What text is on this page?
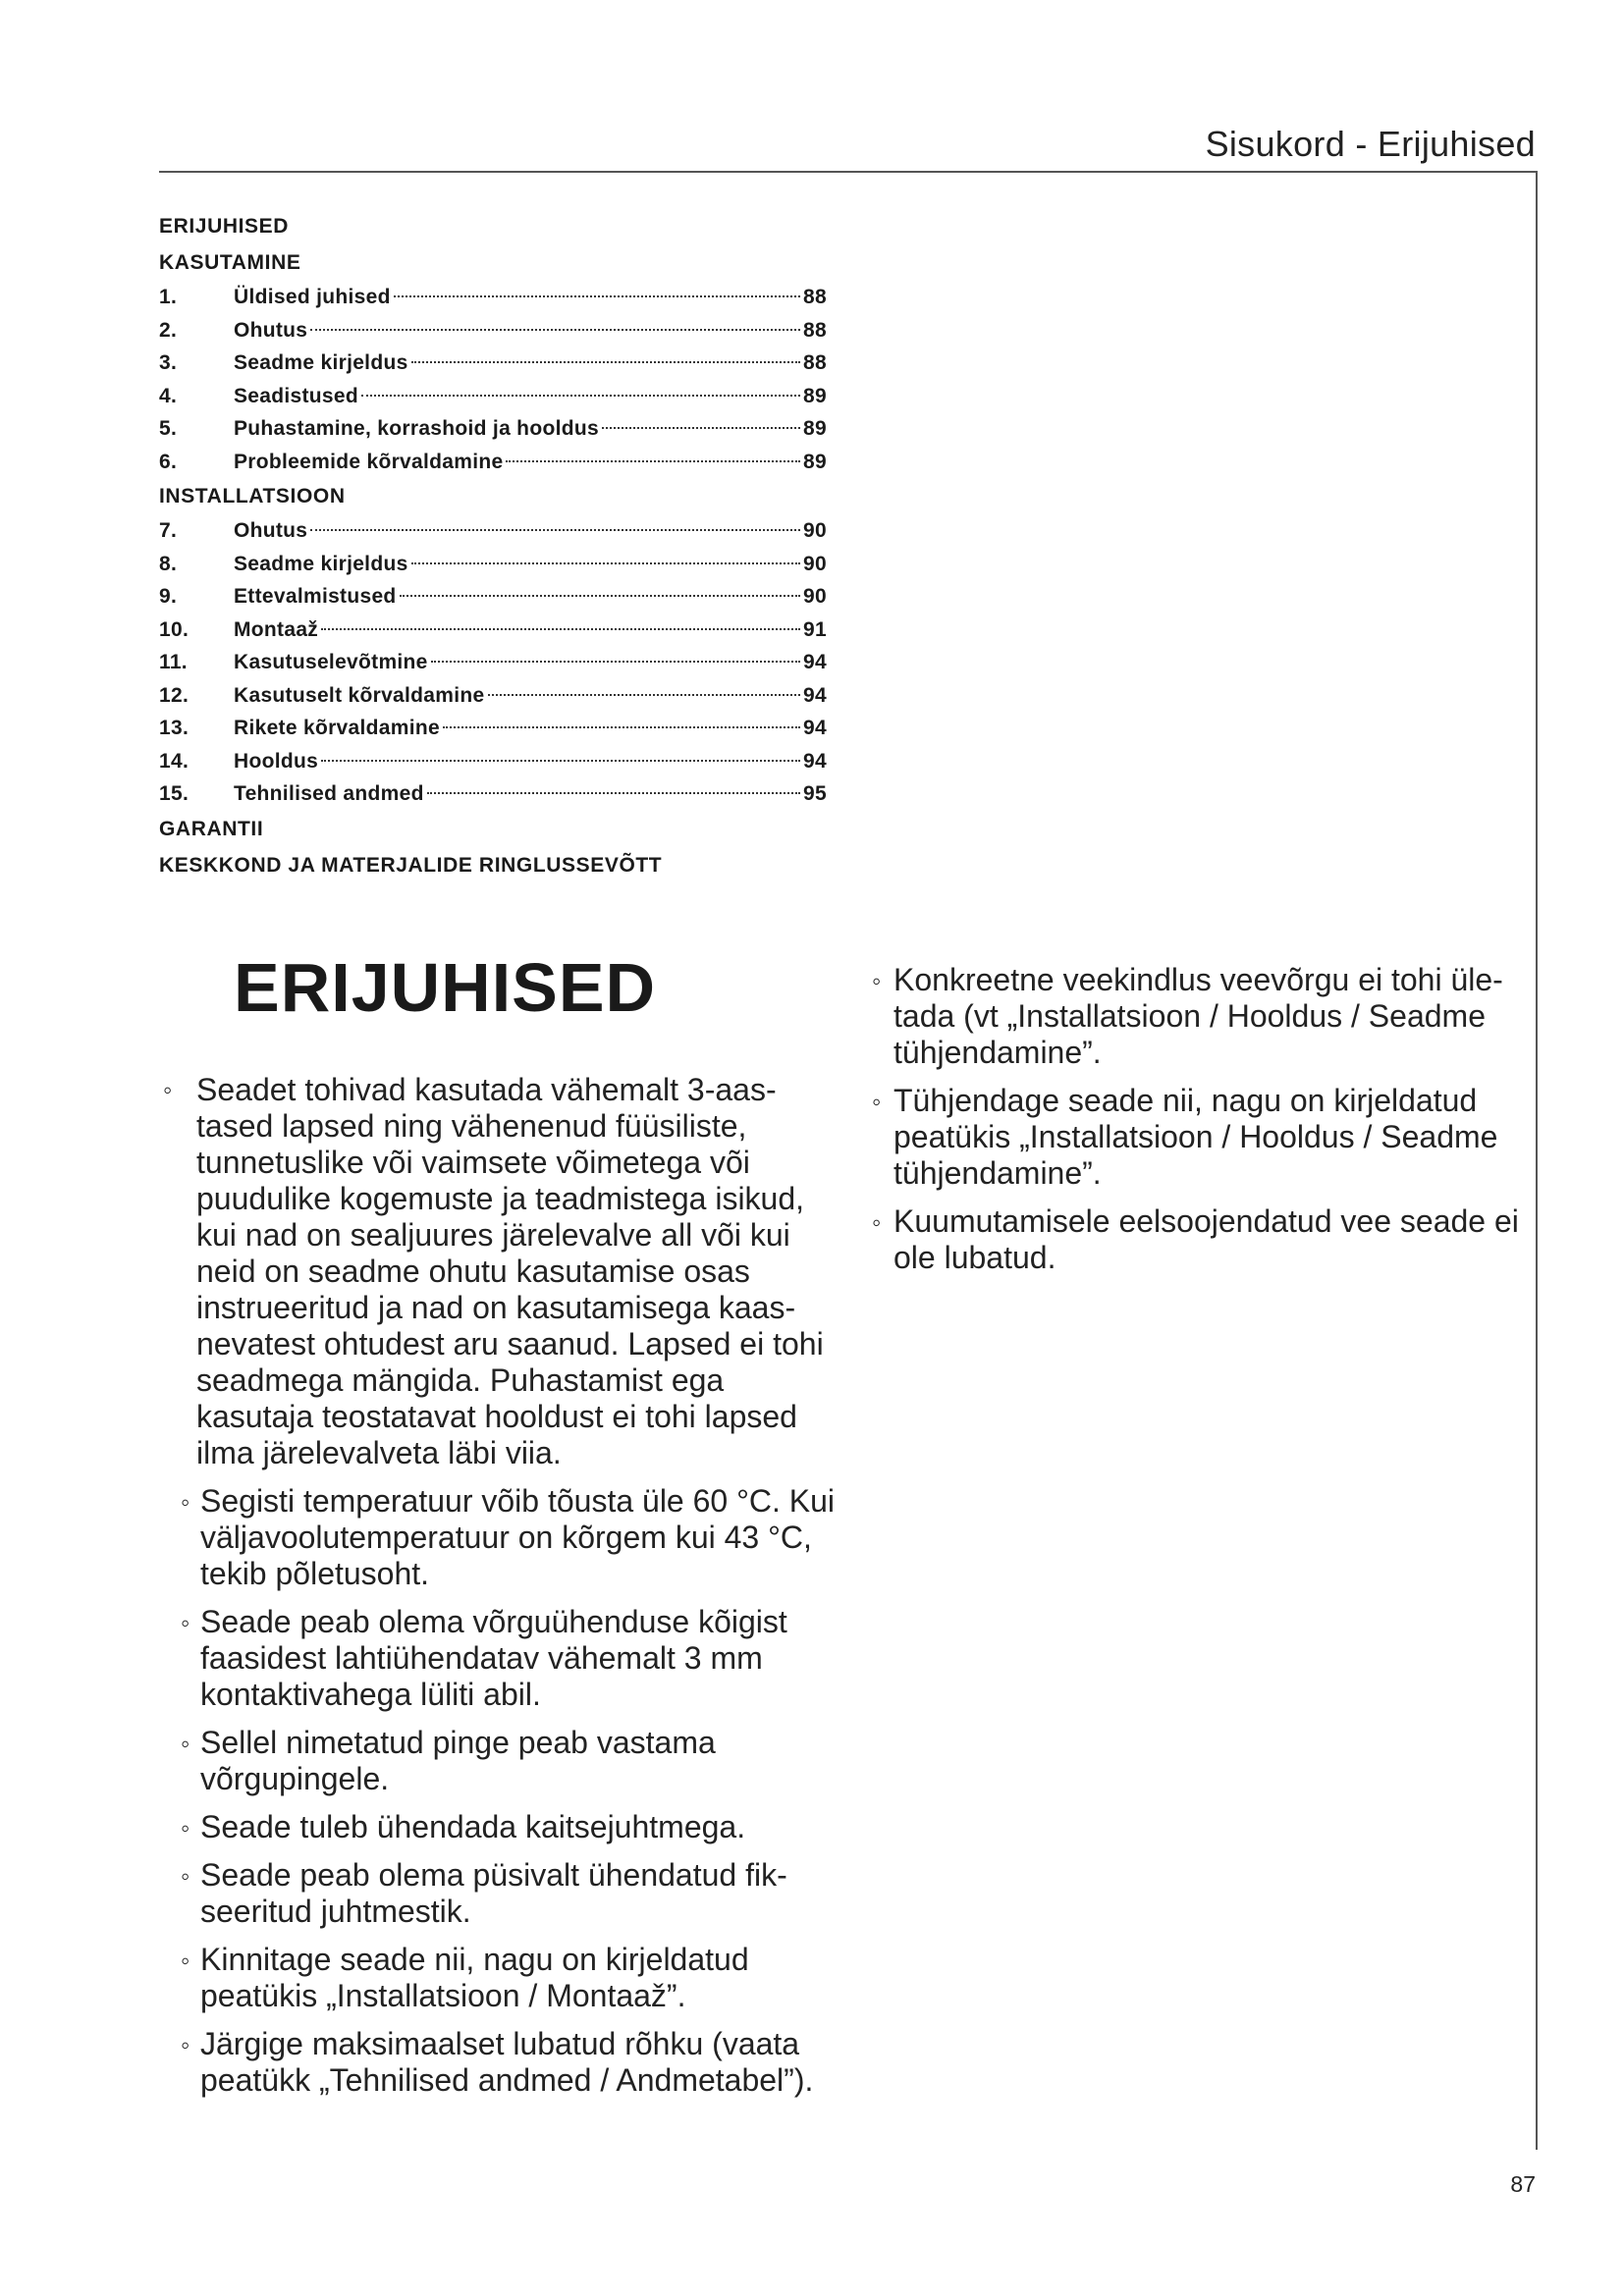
Sisukord - Erijuhised
ERIJUHISED
KASUTAMINE
1.	Üldised juhised	88
2.	Ohutus	88
3.	Seadme kirjeldus	88
4.	Seadistused	89
5.	Puhastamine, korrashoid ja hooldus	89
6.	Probleemide kõrvaldamine	89
INSTALLATSIOON
7.	Ohutus	90
8.	Seadme kirjeldus	90
9.	Ettevalmistused	90
10.	Montaaž	91
11.	Kasutuselevõtmine	94
12.	Kasutuselt kõrvaldamine	94
13.	Rikete kõrvaldamine	94
14.	Hooldus	94
15.	Tehnilised andmed	95
GARANTII
KESKKOND JA MATERJALIDE RINGLUSSEVÕTT
ERIJUHISED
◦ Seadet tohivad kasutada vähemalt 3-aas-tased lapsed ning vähenenud füüsiliste, tunnetuslike või vaimsete võimetega või puudulike kogemuste ja teadmistega isikud, kui nad on sealjuures järelevalve all või kui neid on seadme ohutu kasutamise osas instrueeritud ja nad on kasutamisega kaas-nevatest ohtudest aru saanud. Lapsed ei tohi seadmega mängida. Puhastamist ega kasutaja teostatavat hooldust ei tohi lapsed ilma järelevalveta läbi viia.
◦ Segisti temperatuur võib tõusta üle 60 °C. Kui väljavoolutemperatuur on kõrgem kui 43 °C, tekib põletusoht.
◦ Seade peab olema võrguühenduse kõigist faasidest lahtiühendatav vähemalt 3 mm kontaktivahega lüliti abil.
◦ Sellel nimetatud pinge peab vastama võrgupingele.
◦ Seade tuleb ühendada kaitsejuhtmega.
◦ Seade peab olema püsivalt ühendatud fik-seeritud juhtmestik.
◦ Kinnitage seade nii, nagu on kirjeldatud peatükis „Installatsioon / Montaaž”.
◦ Järgige maksimaalset lubatud rõhku (vaata peatükk „Tehnilised andmed / Andmetabel”).
◦ Konkreetne veekindlus veevõrgu ei tohi üle-tada (vt „Installatsioon / Hooldus / Seadme tühjendamine”.
◦ Tühjendage seade nii, nagu on kirjeldatud peatükis „Installatsioon / Hooldus / Seadme tühjendamine”.
◦ Kuumutamisele eelsoojendatud vee seade ei ole lubatud.
87
